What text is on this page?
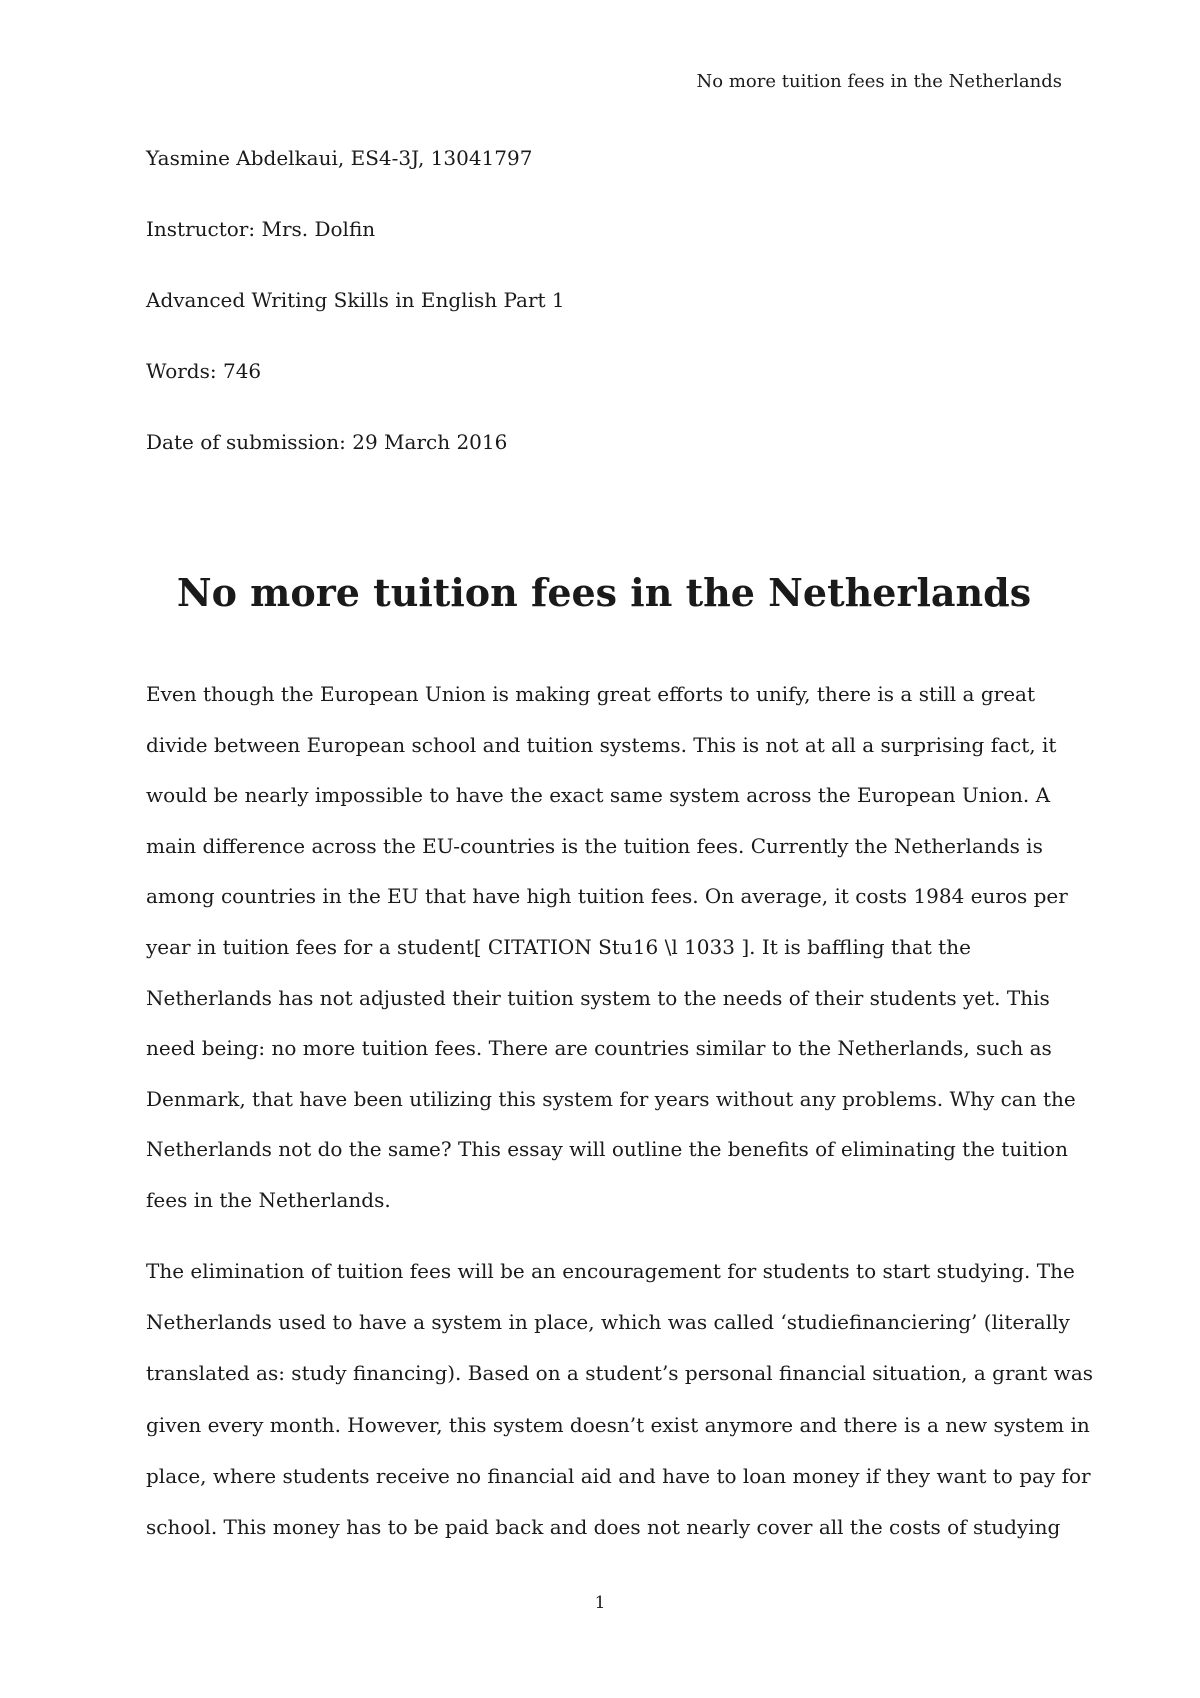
No more tuition fees in the Netherlands
Yasmine Abdelkaui, ES4-3J, 13041797
Instructor: Mrs. Dolfin
Advanced Writing Skills in English Part 1
Words: 746
Date of submission: 29 March 2016
No more tuition fees in the Netherlands
Even though the European Union is making great efforts to unify, there is a still a great
divide between European school and tuition systems. This is not at all a surprising fact, it
would be nearly impossible to have the exact same system across the European Union. A
main difference across the EU-countries is the tuition fees. Currently the Netherlands is
among countries in the EU that have high tuition fees. On average, it costs 1984 euros per
year in tuition fees for a student[ CITATION Stu16 \l 1033 ]. It is baffling that the
Netherlands has not adjusted their tuition system to the needs of their students yet. This
need being: no more tuition fees. There are countries similar to the Netherlands, such as
Denmark, that have been utilizing this system for years without any problems. Why can the
Netherlands not do the same? This essay will outline the benefits of eliminating the tuition
fees in the Netherlands.
The elimination of tuition fees will be an encouragement for students to start studying. The
Netherlands used to have a system in place, which was called ‘studiefinanciering’ (literally
translated as: study financing). Based on a student’s personal financial situation, a grant was
given every month. However, this system doesn’t exist anymore and there is a new system in
place, where students receive no financial aid and have to loan money if they want to pay for
school. This money has to be paid back and does not nearly cover all the costs of studying
1
